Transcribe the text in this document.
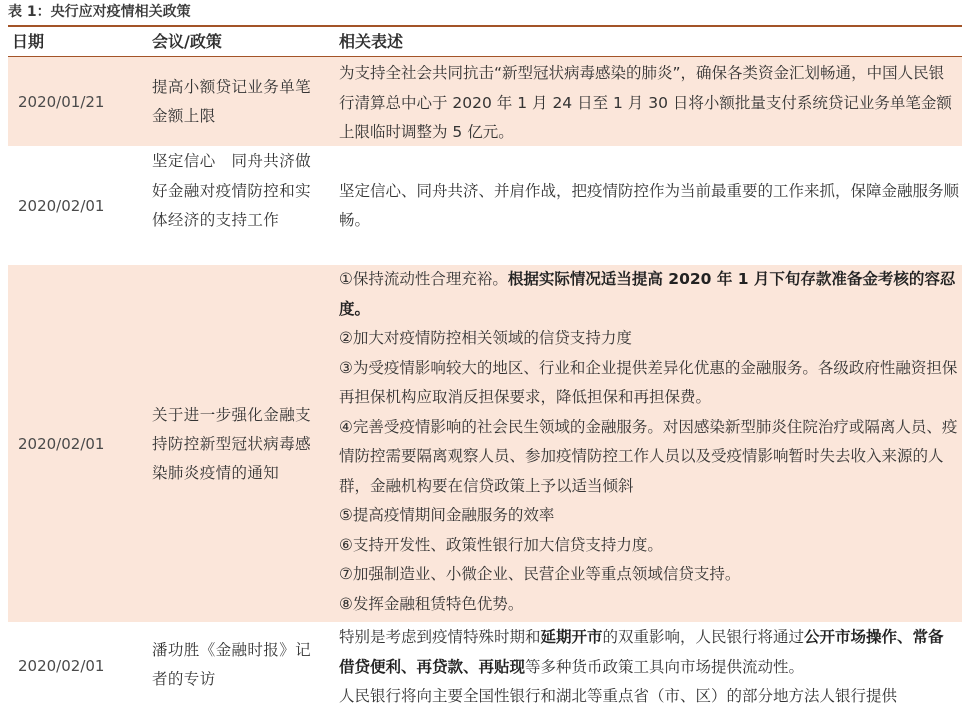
表 1：央行应对疫情相关政策
日期	会议/政策	相关表述
2020/01/21
提高小额贷记业务单笔金额上限

为支持全社会共同抗击“新型冠状病毒感染的肺炎”，确保各类资金汇划畅通，中国人民银行清算总中心于 2020 年 1 月 24 日至 1 月 30 日将小额批量支付系统贷记业务单笔金额上限临时调整为 5 亿元。

2020/02/01
坚定信心　同舟共济做好金融对疫情防控和实体经济的支持工作

坚定信心、同舟共济、并肩作战，把疫情防控作为当前最重要的工作来抓，保障金融服务顺畅。

2020/02/01
关于进一步强化金融支持防控新型冠状病毒感染肺炎疫情的通知

①保持流动性合理充裕。根据实际情况适当提高 2020 年 1 月下旬存款准备金考核的容忍度。

②加大对疫情防控相关领域的信贷支持力度

③为受疫情影响较大的地区、行业和企业提供差异化优惠的金融服务。各级政府性融资担保再担保机构应取消反担保要求，降低担保和再担保费。

④完善受疫情影响的社会民生领域的金融服务。对因感染新型肺炎住院治疗或隔离人员、疫情防控需要隔离观察人员、参加疫情防控工作人员以及受疫情影响暂时失去收入来源的人群，金融机构要在信贷政策上予以适当倾斜

⑤提高疫情期间金融服务的效率

⑥支持开发性、政策性银行加大信贷支持力度。

⑦加强制造业、小微企业、民营企业等重点领域信贷支持。

⑧发挥金融租赁特色优势。

2020/02/01
潘功胜《金融时报》记者的专访

特别是考虑到疫情特殊时期和延期开市的双重影响，人民银行将通过公开市场操作、常备借贷便利、再贷款、再贴现等多种货币政策工具向市场提供流动性。

人民银行将向主要全国性银行和湖北等重点省（市、区）的部分地方法人银行提供
